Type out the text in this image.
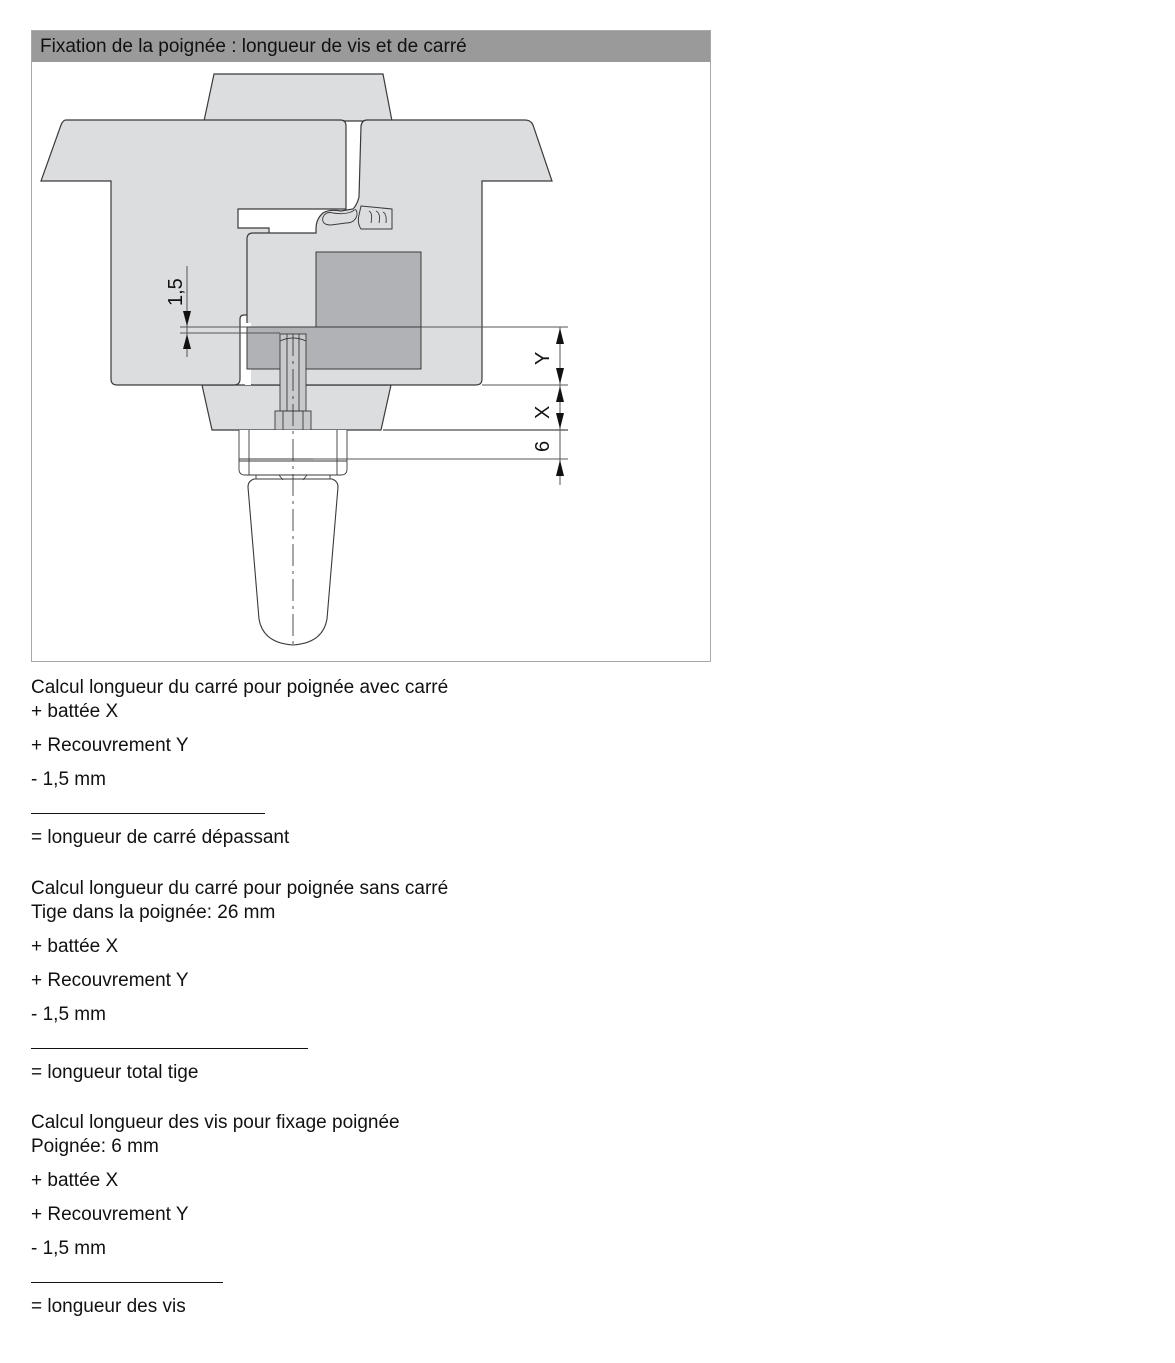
Fixation de la poignée : longueur de vis et de carré
1,5
Y
X
6
Calcul longueur du carré pour poignée avec carré
+ battée X
+ Recouvrement Y
- 1,5 mm
= longueur de carré dépassant
Calcul longueur du carré pour poignée sans carré
Tige dans la poignée: 26 mm
+ battée X
+ Recouvrement Y
- 1,5 mm
= longueur total tige
Calcul longueur des vis pour fixage poignée
Poignée: 6 mm
+ battée X
+ Recouvrement Y
- 1,5 mm
= longueur des vis
